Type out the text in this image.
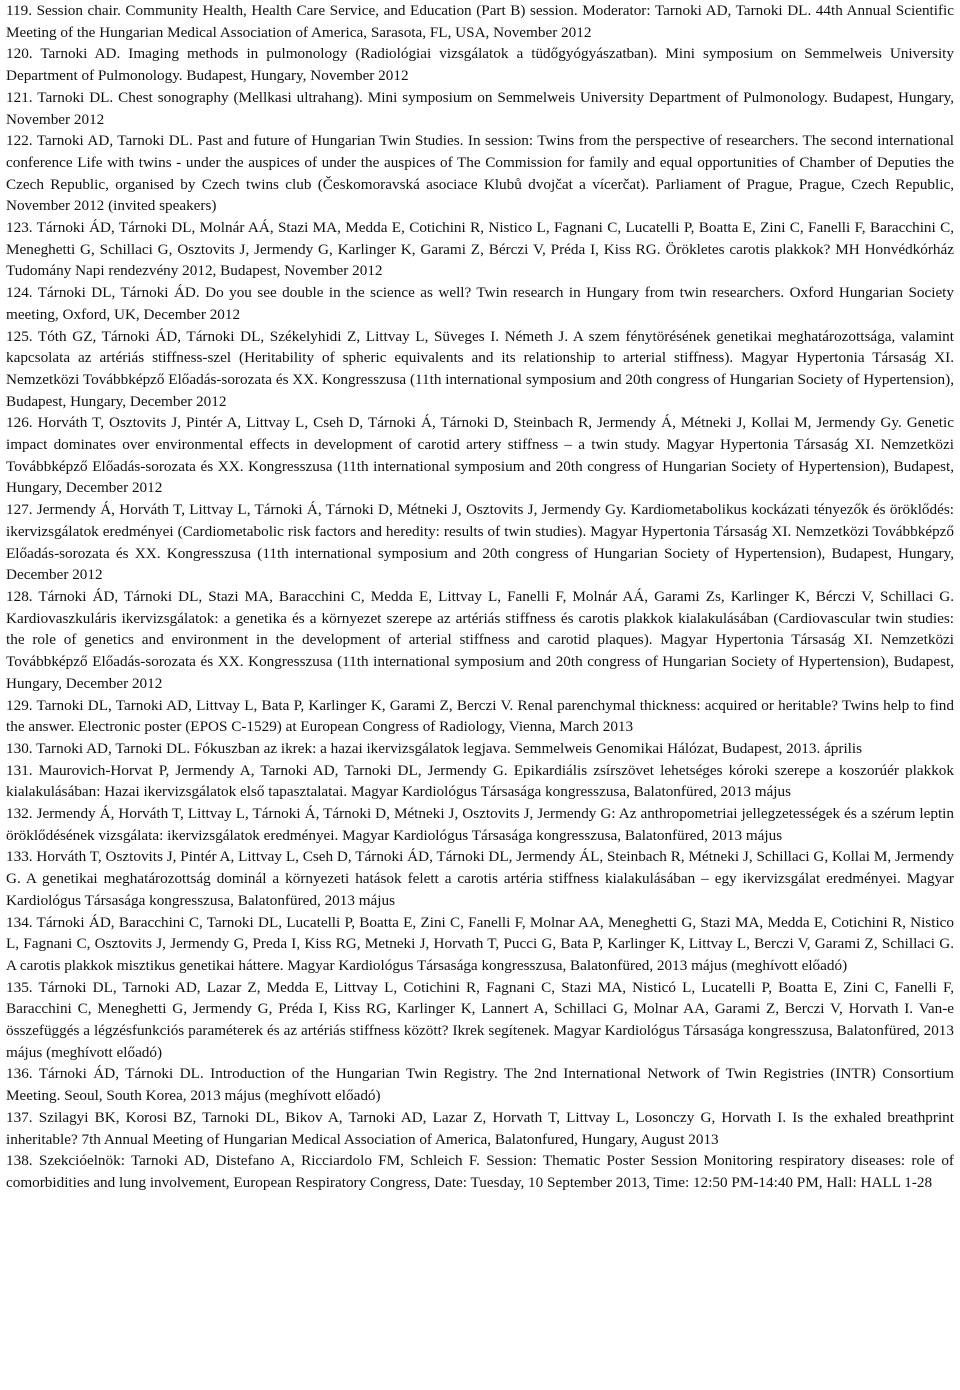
119. Session chair. Community Health, Health Care Service, and Education (Part B) session. Moderator: Tarnoki AD, Tarnoki DL. 44th Annual Scientific Meeting of the Hungarian Medical Association of America, Sarasota, FL, USA, November 2012
120. Tarnoki AD. Imaging methods in pulmonology (Radiológiai vizsgálatok a tüdőgyógyászatban). Mini symposium on Semmelweis University Department of Pulmonology. Budapest, Hungary, November 2012
121. Tarnoki DL. Chest sonography (Mellkasi ultrahang). Mini symposium on Semmelweis University Department of Pulmonology. Budapest, Hungary, November 2012
122. Tarnoki AD, Tarnoki DL. Past and future of Hungarian Twin Studies. In session: Twins from the perspective of researchers. The second international conference Life with twins - under the auspices of under the auspices of The Commission for family and equal opportunities of Chamber of Deputies the Czech Republic, organised by Czech twins club (Českomoravská asociace Klubů dvojčat a vícerčat). Parliament of Prague, Prague, Czech Republic, November 2012 (invited speakers)
123. Tárnoki ÁD, Tárnoki DL, Molnár AÁ, Stazi MA, Medda E, Cotichini R, Nistico L, Fagnani C, Lucatelli P, Boatta E, Zini C, Fanelli F, Baracchini C, Meneghetti G, Schillaci G, Osztovits J, Jermendy G, Karlinger K, Garami Z, Bérczi V, Préda I, Kiss RG. Örökletes carotis plakkok? MH Honvédkórház Tudomány Napi rendezvény 2012, Budapest, November 2012
124. Tárnoki DL, Tárnoki ÁD. Do you see double in the science as well? Twin research in Hungary from twin researchers. Oxford Hungarian Society meeting, Oxford, UK, December 2012
125. Tóth GZ, Tárnoki ÁD, Tárnoki DL, Székelyhidi Z, Littvay L, Süveges I. Németh J. A szem fénytörésének genetikai meghatározottsága, valamint kapcsolata az artériás stiffness-szel (Heritability of spheric equivalents and its relationship to arterial stiffness). Magyar Hypertonia Társaság XI. Nemzetközi Továbbképző Előadás-sorozata és XX. Kongresszusa (11th international symposium and 20th congress of Hungarian Society of Hypertension), Budapest, Hungary, December 2012
126. Horváth T, Osztovits J, Pintér A, Littvay L, Cseh D, Tárnoki Á, Tárnoki D, Steinbach R, Jermendy Á, Métneki J, Kollai M, Jermendy Gy. Genetic impact dominates over environmental effects in development of carotid artery stiffness – a twin study. Magyar Hypertonia Társaság XI. Nemzetközi Továbbképző Előadás-sorozata és XX. Kongresszusa (11th international symposium and 20th congress of Hungarian Society of Hypertension), Budapest, Hungary, December 2012
127. Jermendy Á, Horváth T, Littvay L, Tárnoki Á, Tárnoki D, Métneki J, Osztovits J, Jermendy Gy. Kardiometabolikus kockázati tényezők és öröklődés: ikervizsgálatok eredményei (Cardiometabolic risk factors and heredity: results of twin studies). Magyar Hypertonia Társaság XI. Nemzetközi Továbbképző Előadás-sorozata és XX. Kongresszusa (11th international symposium and 20th congress of Hungarian Society of Hypertension), Budapest, Hungary, December 2012
128. Tárnoki ÁD, Tárnoki DL, Stazi MA, Baracchini C, Medda E, Littvay L, Fanelli F, Molnár AÁ, Garami Zs, Karlinger K, Bérczi V, Schillaci G. Kardiovaszkuláris ikervizsgálatok: a genetika és a környezet szerepe az artériás stiffness és carotis plakkok kialakulásában (Cardiovascular twin studies: the role of genetics and environment in the development of arterial stiffness and carotid plaques). Magyar Hypertonia Társaság XI. Nemzetközi Továbbképző Előadás-sorozata és XX. Kongresszusa (11th international symposium and 20th congress of Hungarian Society of Hypertension), Budapest, Hungary, December 2012
129. Tarnoki DL, Tarnoki AD, Littvay L, Bata P, Karlinger K, Garami Z, Berczi V. Renal parenchymal thickness: acquired or heritable? Twins help to find the answer. Electronic poster (EPOS C-1529) at European Congress of Radiology, Vienna, March 2013
130. Tarnoki AD, Tarnoki DL. Fókuszban az ikrek: a hazai ikervizsgálatok legjava. Semmelweis Genomikai Hálózat, Budapest, 2013. április
131. Maurovich-Horvat P, Jermendy A, Tarnoki AD, Tarnoki DL, Jermendy G. Epikardiális zsírszövet lehetséges kóroki szerepe a koszorúér plakkok kialakulásában: Hazai ikervizsgálatok első tapasztalatai. Magyar Kardiológus Társasága kongresszusa, Balatonfüred, 2013 május
132. Jermendy Á, Horváth T, Littvay L, Tárnoki Á, Tárnoki D, Métneki J, Osztovits J, Jermendy G: Az anthropometriai jellegzetességek és a szérum leptin öröklődésének vizsgálata: ikervizsgálatok eredményei. Magyar Kardiológus Társasága kongresszusa, Balatonfüred, 2013 május
133. Horváth T, Osztovits J, Pintér A, Littvay L, Cseh D, Tárnoki ÁD, Tárnoki DL, Jermendy ÁL, Steinbach R, Métneki J, Schillaci G, Kollai M, Jermendy G. A genetikai meghatározottság dominál a környezeti hatások felett a carotis artéria stiffness kialakulásában – egy ikervizsgálat eredményei. Magyar Kardiológus Társasága kongresszusa, Balatonfüred, 2013 május
134. Tárnoki ÁD, Baracchini C, Tarnoki DL, Lucatelli P, Boatta E, Zini C, Fanelli F, Molnar AA, Meneghetti G, Stazi MA, Medda E, Cotichini R, Nistico L, Fagnani C, Osztovits J, Jermendy G, Preda I, Kiss RG, Metneki J, Horvath T, Pucci G, Bata P, Karlinger K, Littvay L, Berczi V, Garami Z, Schillaci G. A carotis plakkok misztikus genetikai háttere. Magyar Kardiológus Társasága kongresszusa, Balatonfüred, 2013 május (meghívott előadó)
135. Tárnoki DL, Tarnoki AD, Lazar Z, Medda E, Littvay L, Cotichini R, Fagnani C, Stazi MA, Nisticó L, Lucatelli P, Boatta E, Zini C, Fanelli F, Baracchini C, Meneghetti G, Jermendy G, Préda I, Kiss RG, Karlinger K, Lannert A, Schillaci G, Molnar AA, Garami Z, Berczi V, Horvath I. Van-e összefüggés a légzésfunkciós paraméterek és az artériás stiffness között? Ikrek segítenek. Magyar Kardiológus Társasága kongresszusa, Balatonfüred, 2013 május (meghívott előadó)
136. Tárnoki ÁD, Tárnoki DL. Introduction of the Hungarian Twin Registry. The 2nd International Network of Twin Registries (INTR) Consortium Meeting. Seoul, South Korea, 2013 május (meghívott előadó)
137. Szilagyi BK, Korosi BZ, Tarnoki DL, Bikov A, Tarnoki AD, Lazar Z, Horvath T, Littvay L, Losonczy G, Horvath I. Is the exhaled breathprint inheritable? 7th Annual Meeting of Hungarian Medical Association of America, Balatonfured, Hungary, August 2013
138. Szekcióelnök: Tarnoki AD, Distefano A, Ricciardolo FM, Schleich F. Session: Thematic Poster Session Monitoring respiratory diseases: role of comorbidities and lung involvement, European Respiratory Congress, Date: Tuesday, 10 September 2013, Time: 12:50 PM-14:40 PM, Hall: HALL 1-28
